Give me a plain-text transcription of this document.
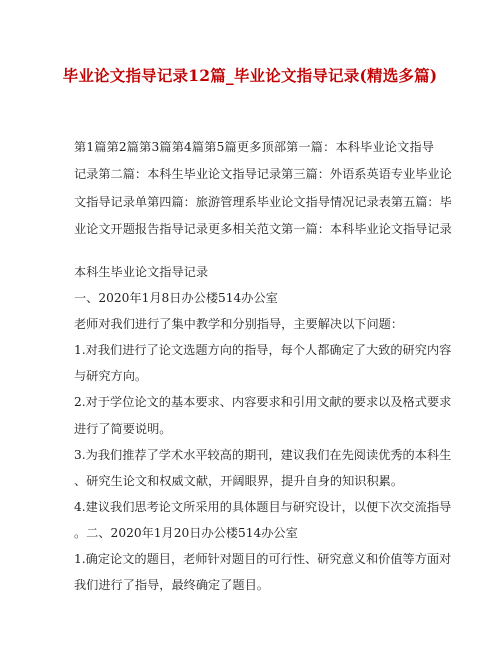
毕业论文指导记录12篇_毕业论文指导记录(精选多篇)
第1篇第2篇第3篇第4篇第5篇更多顶部第一篇：本科毕业论文指导
记录第二篇：本科生毕业论文指导记录第三篇：外语系英语专业毕业论
文指导记录单第四篇：旅游管理系毕业论文指导情况记录表第五篇：毕
业论文开题报告指导记录更多相关范文第一篇：本科毕业论文指导记录
本科生毕业论文指导记录
一、2020年1月8日办公楼514办公室
老师对我们进行了集中教学和分别指导，主要解决以下问题：
1.对我们进行了论文选题方向的指导，每个人都确定了大致的研究内容
与研究方向。
2.对于学位论文的基本要求、内容要求和引用文献的要求以及格式要求
进行了简要说明。
3.为我们推荐了学术水平较高的期刊，建议我们在先阅读优秀的本科生
、研究生论文和权威文献，开阔眼界，提升自身的知识积累。
4.建议我们思考论文所采用的具体题目与研究设计，以便下次交流指导
。二、2020年1月20日办公楼514办公室
1.确定论文的题目，老师针对题目的可行性、研究意义和价值等方面对
我们进行了指导，最终确定了题目。
